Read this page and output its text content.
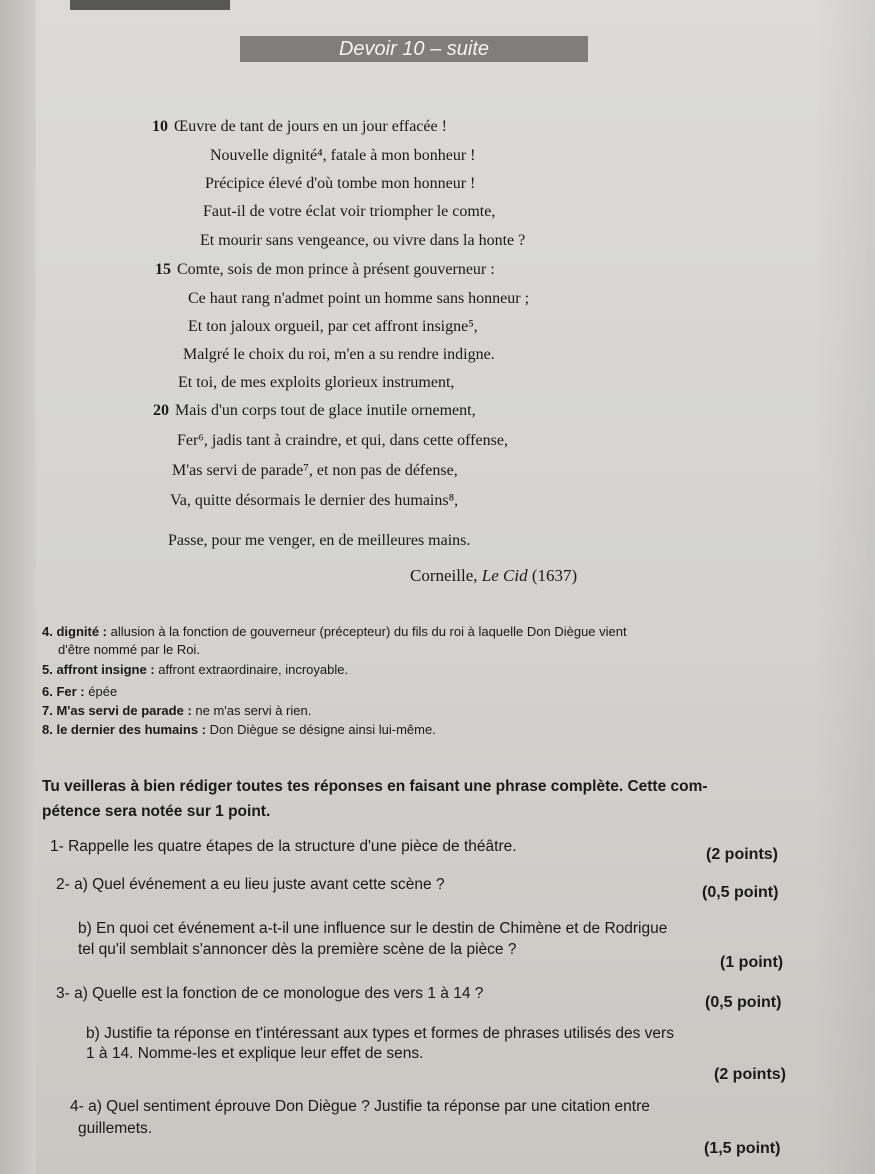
Devoir 10 – suite
10 Œuvre de tant de jours en un jour effacée !
Nouvelle dignité⁴, fatale à mon bonheur !
Précipice élevé d'où tombe mon honneur !
Faut-il de votre éclat voir triompher le comte,
Et mourir sans vengeance, ou vivre dans la honte ?
15 Comte, sois de mon prince à présent gouverneur :
Ce haut rang n'admet point un homme sans honneur ;
Et ton jaloux orgueil, par cet affront insigne⁵,
Malgré le choix du roi, m'en a su rendre indigne.
Et toi, de mes exploits glorieux instrument,
20 Mais d'un corps tout de glace inutile ornement,
Fer⁶, jadis tant à craindre, et qui, dans cette offense,
M'as servi de parade⁷, et non pas de défense,
Va, quitte désormais le dernier des humains⁸,
Passe, pour me venger, en de meilleures mains.
Corneille, Le Cid (1637)
4. dignité : allusion à la fonction de gouverneur (précepteur) du fils du roi à laquelle Don Diègue vient
d'être nommé par le Roi.
5. affront insigne : affront extraordinaire, incroyable.
6. Fer : épée
7. M'as servi de parade : ne m'as servi à rien.
8. le dernier des humains : Don Diègue se désigne ainsi lui-même.
Tu veilleras à bien rédiger toutes tes réponses en faisant une phrase complète. Cette com-
pétence sera notée sur 1 point.
1- Rappelle les quatre étapes de la structure d'une pièce de théâtre.	(2 points)
2- a) Quel événement a eu lieu juste avant cette scène ?	(0,5 point)
b) En quoi cet événement a-t-il une influence sur le destin de Chimène et de Rodrigue
tel qu'il semblait s'annoncer dès la première scène de la pièce ?
(1 point)
3- a) Quelle est la fonction de ce monologue des vers 1 à 14 ?
(0,5 point)
b) Justifie ta réponse en t'intéressant aux types et formes de phrases utilisés des vers
1 à 14. Nomme-les et explique leur effet de sens.
(2 points)
4- a) Quel sentiment éprouve Don Diègue ? Justifie ta réponse par une citation entre
guillemets.
(1,5 point)
